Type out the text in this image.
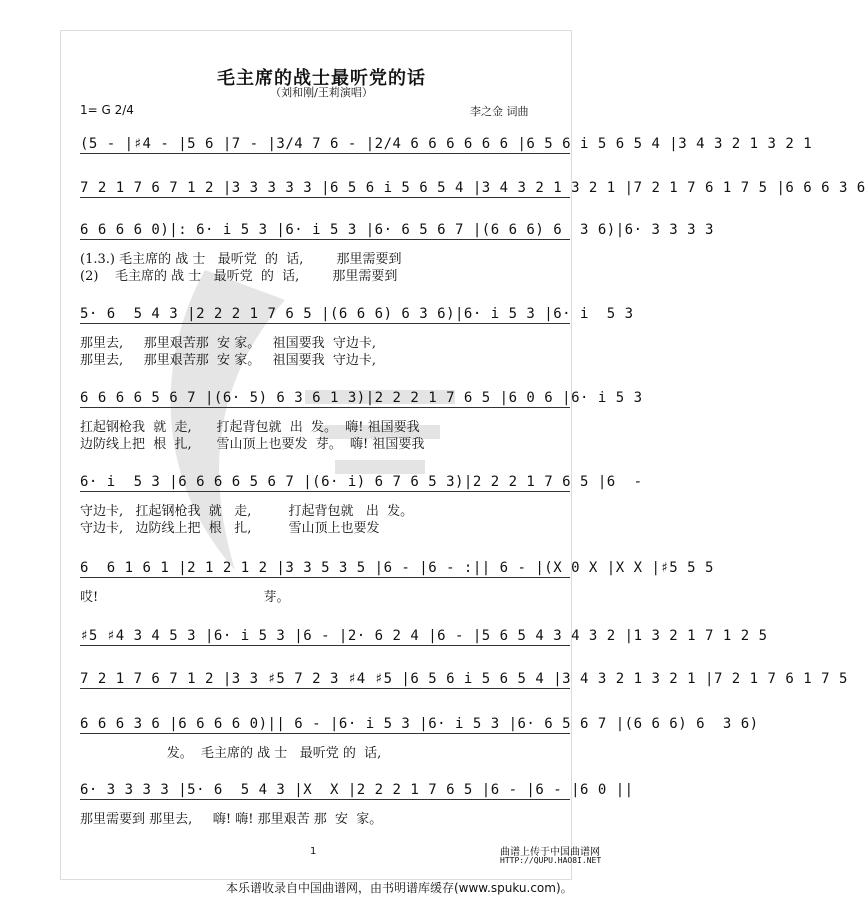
毛主席的战士最听党的话
（刘和刚/王莉演唱）
1= G 2/4	李之金 词曲
(5 - |♯4 - |5 6 |7 - |3/4 7 6 - |2/4 6 6 6 6 6 6 |6 5 6 i 5 6 5 4 |3 4 3 2 1 3 2 1
7 2 1 7 6 7 1 2 |3 3 3 3 3 |6 5 6 i 5 6 5 4 |3 4 3 2 1 3 2 1 |7 2 1 7 6 1 7 5 |6 6 6 3 6
6 6 6 6 0)|: 6· i 5 3 |6· i 5 3 |6· 6 5 6 7 |(6 6 6) 6  3 6)|6· 3 3 3 3
(1.3.) 毛主席的 战 士   最听党  的  话,        那里需要到
(2)    毛主席的 战 士   最听党  的  话,        那里需要到
5· 6  5 4 3 |2 2 2 1 7 6 5 |(6 6 6) 6 3 6)|6· i 5 3 |6· i  5 3
那里去,     那里艰苦那  安 家。   祖国要我  守边卡,
那里去,     那里艰苦那  安 家。   祖国要我  守边卡,
6 6 6 6 5 6 7 |(6· 5) 6 3 6 1 3)|2 2 2 1 7 6 5 |6 0 6 |6· i 5 3
扛起钢枪我  就  走,      打起背包就  出  发。  嗨! 祖国要我
边防线上把  根  扎,      雪山顶上也要发  芽。  嗨! 祖国要我
6· i  5 3 |6 6 6 6 5 6 7 |(6· i) 6 7 6 5 3)|2 2 2 1 7 6 5 |6  -
守边卡,   扛起钢枪我  就   走,         打起背包就   出  发。
守边卡,   边防线上把  根   扎,         雪山顶上也要发
6  6 1 6 1 |2 1 2 1 2 |3 3 5 3 5 |6 - |6 - :|| 6 - |(X 0 X |X X |♯5 5 5
哎!                                        芽。
♯5 ♯4 3 4 5 3 |6· i 5 3 |6 - |2· 6 2 4 |6 - |5 6 5 4 3 4 3 2 |1 3 2 1 7 1 2 5
7 2 1 7 6 7 1 2 |3 3 ♯5 7 2 3 ♯4 ♯5 |6 5 6 i 5 6 5 4 |3 4 3 2 1 3 2 1 |7 2 1 7 6 1 7 5
6 6 6 3 6 |6 6 6 6 0)|| 6 - |6· i 5 3 |6· i 5 3 |6· 6 5 6 7 |(6 6 6) 6  3 6)
发。  毛主席的 战 士   最听党 的  话,
6· 3 3 3 3 |5· 6  5 4 3 |X  X |2 2 2 1 7 6 5 |6 - |6 - |6 0 ||
那里需要到 那里去,     嗨! 嗨! 那里艰苦 那  安  家。
1	曲谱上传于中国曲谱网
HTTP://QUPU.HAO8I.NET
本乐谱收录自中国曲谱网，由书明谱库缓存(www.spuku.com)。
